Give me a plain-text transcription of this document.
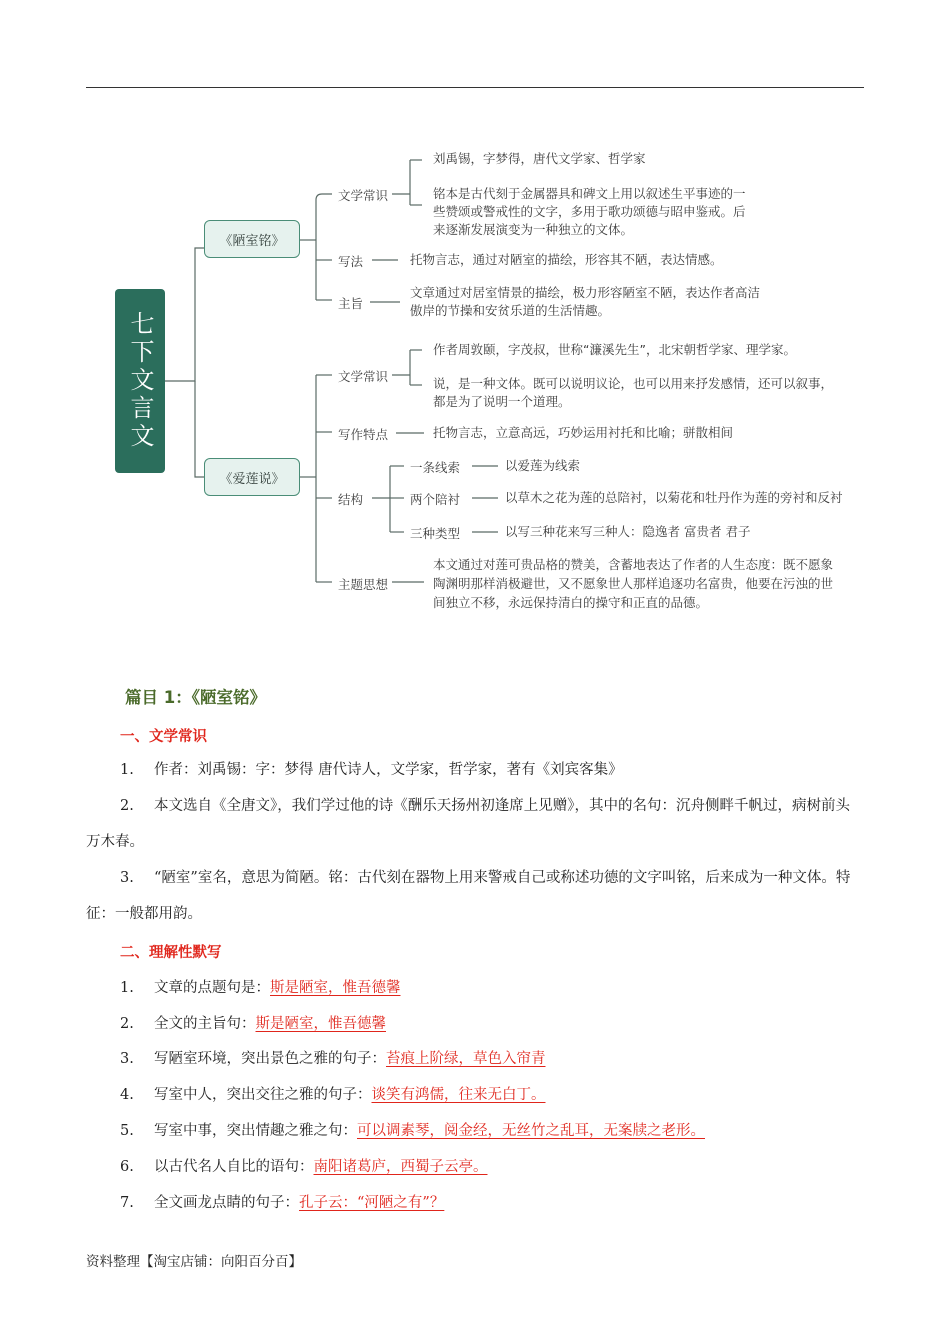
七下文言文
《陋室铭》
《爱莲说》
文学常识
刘禹锡，字梦得，唐代文学家、哲学家
铭本是古代刻于金属器具和碑文上用以叙述生平事迹的一
些赞颂或警戒性的文字，多用于歌功颂德与昭申鉴戒。后
来逐渐发展演变为一种独立的文体。
写法	托物言志，通过对陋室的描绘，形容其不陋，表达情感。
主旨
文章通过对居室情景的描绘，极力形容陋室不陋，表达作者高洁
傲岸的节操和安贫乐道的生活情趣。
文学常识
作者周敦颐，字茂叔，世称“濂溪先生”，北宋朝哲学家、理学家。
说，是一种文体。既可以说明议论，也可以用来抒发感情，还可以叙事，
都是为了说明一个道理。
写作特点	托物言志，立意高远，巧妙运用衬托和比喻；骈散相间
结构
一条线索	以爱莲为线索
两个陪衬	以草木之花为莲的总陪衬，以菊花和牡丹作为莲的旁衬和反衬
三种类型	以写三种花来写三种人：隐逸者 富贵者 君子
主题思想
本文通过对莲可贵品格的赞美，含蓄地表达了作者的人生态度：既不愿象
陶渊明那样消极避世，又不愿象世人那样追逐功名富贵，他要在污浊的世
间独立不移，永远保持清白的操守和正直的品德。
篇目 1：《陋室铭》
一、文学常识
1. 作者：刘禹锡：字：梦得 唐代诗人，文学家，哲学家，著有《刘宾客集》
2. 本文选自《全唐文》，我们学过他的诗《酬乐天扬州初逢席上见赠》，其中的名句：沉舟侧畔千帆过，病树前头万木春。
3. “陋室”室名，意思为简陋。铭：古代刻在器物上用来警戒自己或称述功德的文字叫铭，后来成为一种文体。特征：一般都用韵。
二、理解性默写
1. 文章的点题句是：斯是陋室，惟吾德馨
2. 全文的主旨句：斯是陋室，惟吾德馨
3. 写陋室环境，突出景色之雅的句子：苔痕上阶绿，草色入帘青
4. 写室中人，突出交往之雅的句子：谈笑有鸿儒，往来无白丁。
5. 写室中事，突出情趣之雅之句：可以调素琴，阅金经，无丝竹之乱耳，无案牍之老形。
6. 以古代名人自比的语句：南阳诸葛庐，西蜀子云亭。
7. 全文画龙点睛的句子：孔子云：“河陋之有”？
资料整理【淘宝店铺：向阳百分百】
